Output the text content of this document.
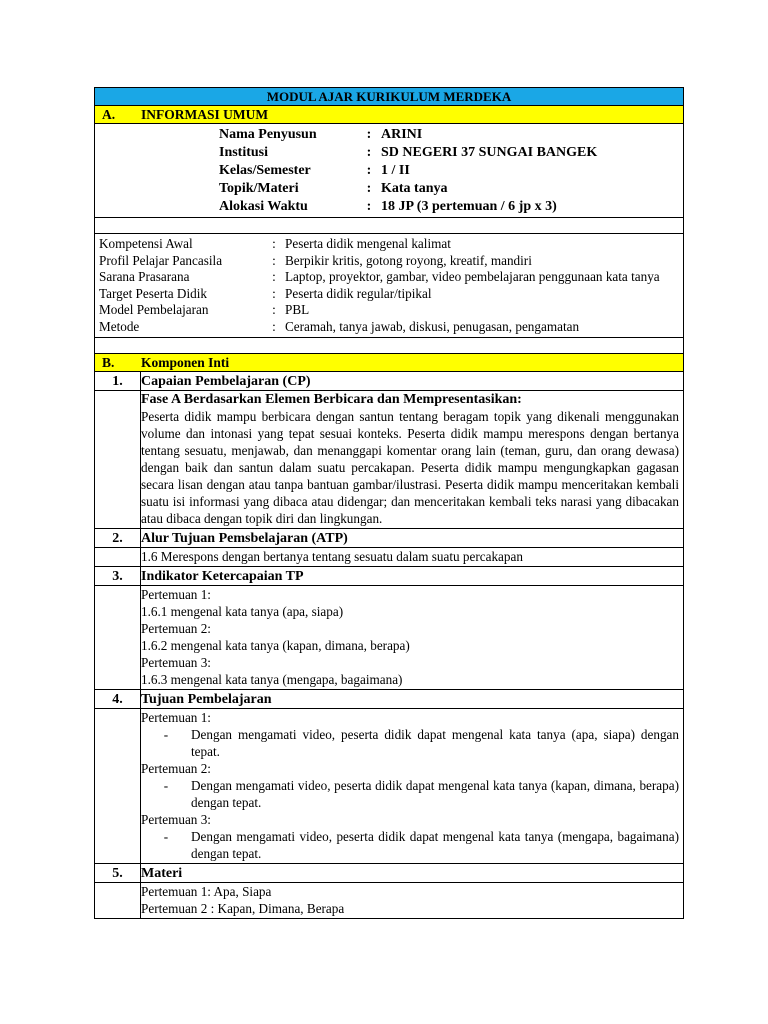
MODUL AJAR KURIKULUM MERDEKA
A.	INFORMASI UMUM
Nama Penyusun	: ARINI
Institusi	: SD NEGERI 37 SUNGAI BANGEK
Kelas/Semester	: 1 / II
Topik/Materi	: Kata tanya
Alokasi Waktu	: 18 JP (3 pertemuan / 6 jp x 3)
Kompetensi Awal	: Peserta didik mengenal kalimat
Profil Pelajar Pancasila	: Berpikir kritis, gotong royong, kreatif, mandiri
Sarana Prasarana	: Laptop, proyektor, gambar, video pembelajaran penggunaan kata tanya
Target Peserta Didik	: Peserta didik regular/tipikal
Model Pembelajaran	: PBL
Metode	: Ceramah, tanya jawab, diskusi, penugasan, pengamatan
B.	Komponen Inti
1.	Capaian Pembelajaran (CP)
Fase A Berdasarkan Elemen Berbicara dan Mempresentasikan:
Peserta didik mampu berbicara dengan santun tentang beragam topik yang dikenali menggunakan volume dan intonasi yang tepat sesuai konteks. Peserta didik mampu merespons dengan bertanya tentang sesuatu, menjawab, dan menanggapi komentar orang lain (teman, guru, dan orang dewasa) dengan baik dan santun dalam suatu percakapan. Peserta didik mampu mengungkapkan gagasan secara lisan dengan atau tanpa bantuan gambar/ilustrasi. Peserta didik mampu menceritakan kembali suatu isi informasi yang dibaca atau didengar; dan menceritakan kembali teks narasi yang dibacakan atau dibaca dengan topik diri dan lingkungan.
2.	Alur Tujuan Pemsbelajaran (ATP)
1.6 Merespons dengan bertanya tentang sesuatu dalam suatu percakapan
3.	Indikator Ketercapaian TP
Pertemuan 1:
1.6.1 mengenal kata tanya (apa, siapa)
Pertemuan 2:
1.6.2 mengenal kata tanya (kapan, dimana, berapa)
Pertemuan 3:
1.6.3 mengenal kata tanya (mengapa, bagaimana)
4.	Tujuan Pembelajaran
Pertemuan 1:
-	Dengan mengamati video, peserta didik dapat mengenal kata tanya (apa, siapa) dengan tepat.
Pertemuan 2:
-	Dengan mengamati video, peserta didik dapat mengenal kata tanya (kapan, dimana, berapa) dengan tepat.
Pertemuan 3:
-	Dengan mengamati video, peserta didik dapat mengenal kata tanya (mengapa, bagaimana) dengan tepat.
5.	Materi
Pertemuan 1: Apa, Siapa
Pertemuan 2 : Kapan, Dimana, Berapa
